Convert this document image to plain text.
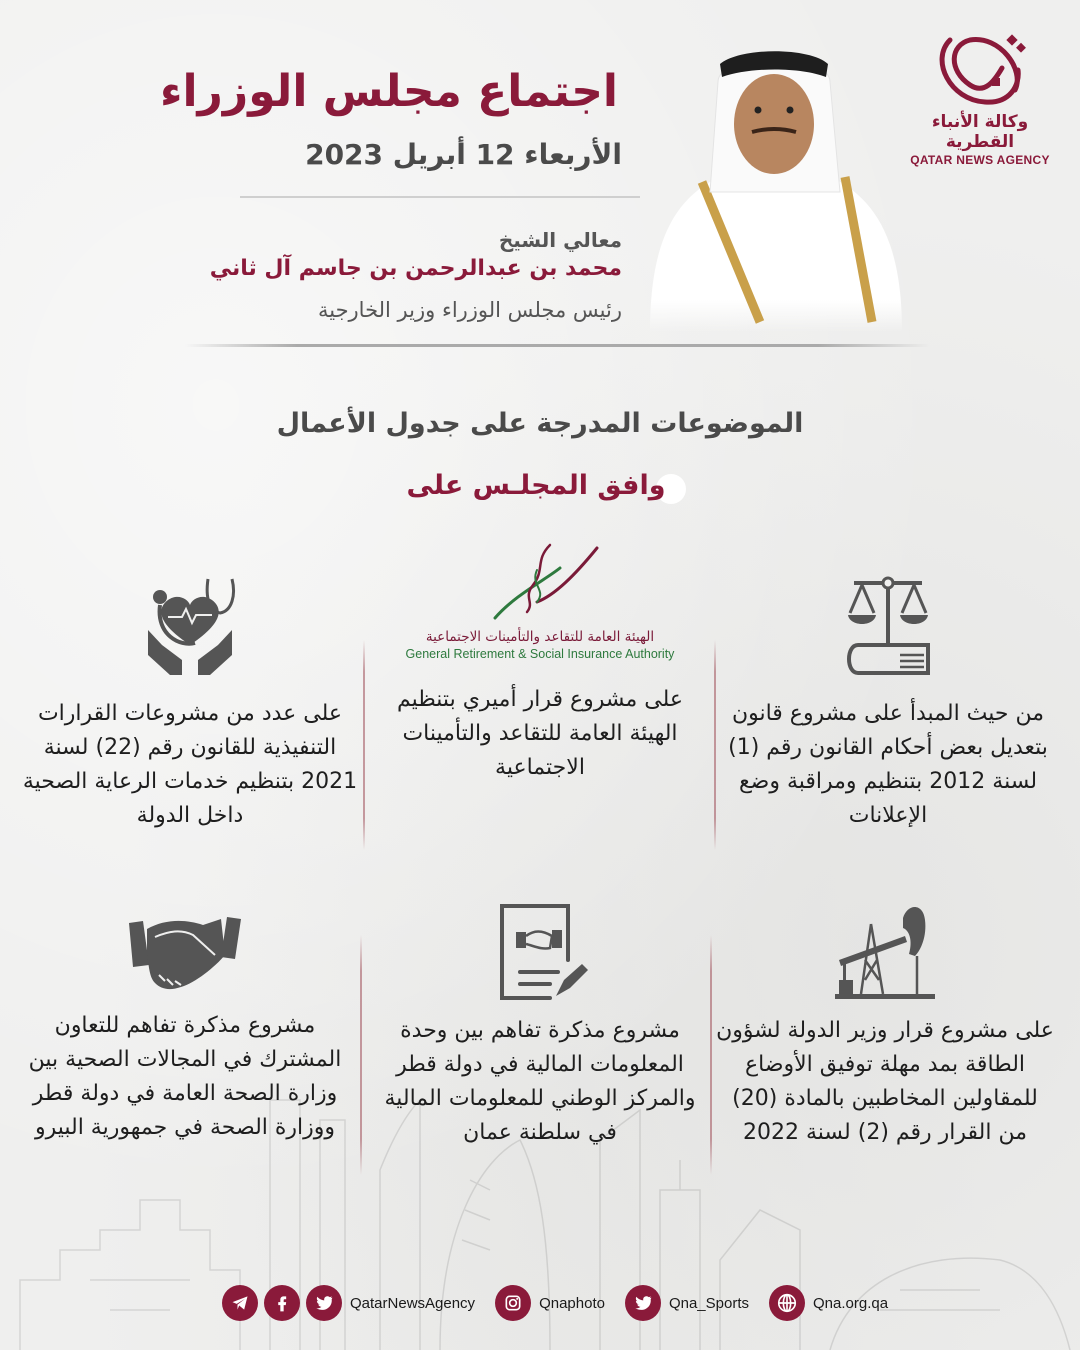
وكالة الأنباء القطرية
QATAR NEWS AGENCY
اجتماع مجلس الوزراء
الأربعاء 12 أبريل 2023
معالي الشيخ
محمد بن عبدالرحمن بن جاسم آل ثاني
رئيس مجلس الوزراء وزير الخارجية
الموضوعات المدرجة على جدول الأعمال
وافق المجلـس على
من حيث المبدأ على مشروع قانون بتعديل بعض أحكام القانون رقم (1) لسنة 2012 بتنظيم ومراقبة وضع الإعلانات
الهيئة العامة للتقاعد والتأمينات الاجتماعية
General Retirement & Social Insurance Authority
على مشروع قرار أميري بتنظيم الهيئة العامة للتقاعد والتأمينات الاجتماعية
على عدد من مشروعات القرارات التنفيذية للقانون رقم (22) لسنة 2021 بتنظيم خدمات الرعاية الصحية داخل الدولة
على مشروع قرار وزير الدولة لشؤون الطاقة بمد مهلة توفيق الأوضاع للمقاولين المخاطبين بالمادة (20) من القرار رقم (2) لسنة 2022
مشروع مذكرة تفاهم بين وحدة المعلومات المالية في دولة قطر والمركز الوطني للمعلومات المالية في سلطنة عمان
مشروع مذكرة تفاهم للتعاون المشترك في المجالات الصحية بين وزارة الصحة العامة في دولة قطر ووزارة الصحة في جمهورية البيرو
QatarNewsAgency	Qnaphoto	Qna_Sports	Qna.org.qa
